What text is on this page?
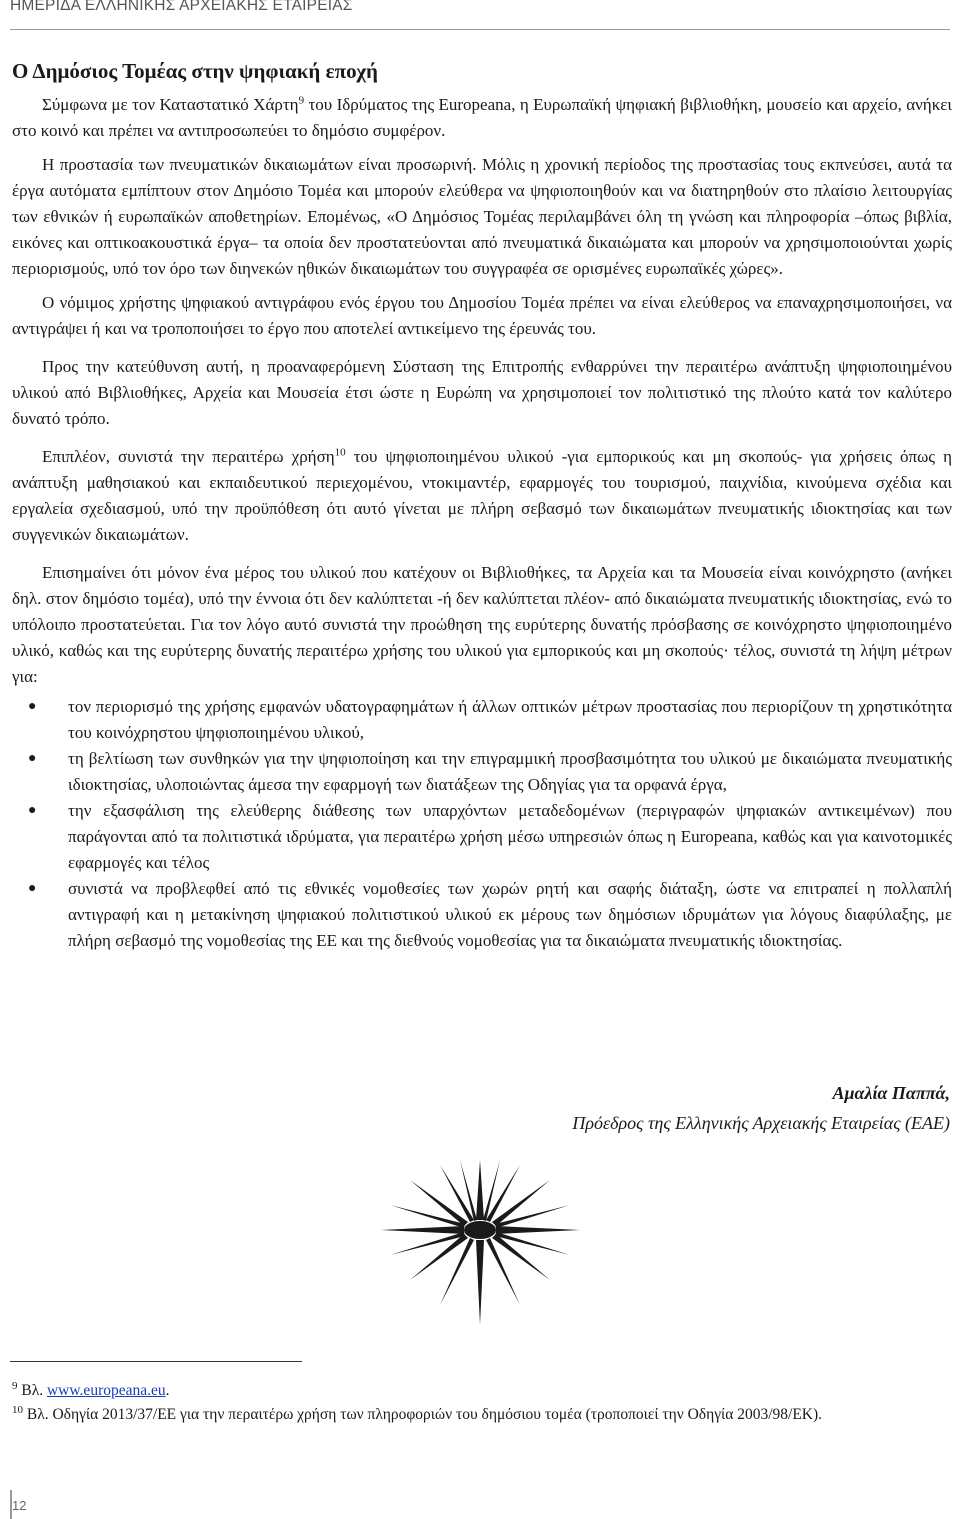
ΗΜΕΡΙΔΑ ΕΛΛΗΝΙΚΗΣ ΑΡΧΕΙΑΚΗΣ ΕΤΑΙΡΕΙΑΣ
Ο Δημόσιος Τομέας στην ψηφιακή εποχή

Σύμφωνα με τον Καταστατικό Χάρτη$^9$ του Ιδρύματος της Europeana, η Ευρωπαϊκή ψηφιακή βιβλιοθήκη, μουσείο και αρχείο, ανήκει στο κοινό και πρέπει να αντιπροσωπεύει το δημόσιο συμφέρον.

Η προστασία των πνευματικών δικαιωμάτων είναι προσωρινή. Μόλις η χρονική περίοδος της προστασίας τους εκπνεύσει, αυτά τα έργα αυτόματα εμπίπτουν στον Δημόσιο Τομέα και μπορούν ελεύθερα να ψηφιοποιηθούν και να διατηρηθούν στο πλαίσιο λειτουργίας των εθνικών ή ευρωπαϊκών αποθετηρίων. Επομένως, «Ο Δημόσιος Τομέας περιλαμβάνει όλη τη γνώση και πληροφορία –όπως βιβλία, εικόνες και οπτικοακουστικά έργα– τα οποία δεν προστατεύονται από πνευματικά δικαιώματα και μπορούν να χρησιμοποιούνται χωρίς περιορισμούς, υπό τον όρο των διηνεκών ηθικών δικαιωμάτων του συγγραφέα σε ορισμένες ευρωπαϊκές χώρες».

Ο νόμιμος χρήστης ψηφιακού αντιγράφου ενός έργου του Δημοσίου Τομέα πρέπει να είναι ελεύθερος να επαναχρησιμοποιήσει, να αντιγράψει ή και να τροποποιήσει το έργο που αποτελεί αντικείμενο της έρευνάς του.

Προς την κατεύθυνση αυτή, η προαναφερόμενη Σύσταση της Επιτροπής ενθαρρύνει την περαιτέρω ανάπτυξη ψηφιοποιημένου υλικού από Βιβλιοθήκες, Αρχεία και Μουσεία έτσι ώστε η Ευρώπη να χρησιμοποιεί τον πολιτιστικό της πλούτο κατά τον καλύτερο δυνατό τρόπο.

Επιπλέον, συνιστά την περαιτέρω χρήση$^{10}$ του ψηφιοποιημένου υλικού -για εμπορικούς και μη σκοπούς- για χρήσεις όπως η ανάπτυξη μαθησιακού και εκπαιδευτικού περιεχομένου, ντοκιμαντέρ, εφαρμογές του τουρισμού, παιχνίδια, κινούμενα σχέδια και εργαλεία σχεδιασμού, υπό την προϋπόθεση ότι αυτό γίνεται με πλήρη σεβασμό των δικαιωμάτων πνευματικής ιδιοκτησίας και των συγγενικών δικαιωμάτων.

Επισημαίνει ότι μόνον ένα μέρος του υλικού που κατέχουν οι Βιβλιοθήκες, τα Αρχεία και τα Μουσεία είναι κοινόχρηστο (ανήκει δηλ. στον δημόσιο τομέα), υπό την έννοια ότι δεν καλύπτεται -ή δεν καλύπτεται πλέον- από δικαιώματα πνευματικής ιδιοκτησίας, ενώ το υπόλοιπο προστατεύεται. Για τον λόγο αυτό συνιστά την προώθηση της ευρύτερης δυνατής πρόσβασης σε κοινόχρηστο ψηφιοποιημένο υλικό, καθώς και της ευρύτερης δυνατής περαιτέρω χρήσης του υλικού για εμπορικούς και μη σκοπούς· τέλος, συνιστά τη λήψη μέτρων για:

● τον περιορισμό της χρήσης εμφανών υδατογραφημάτων ή άλλων οπτικών μέτρων προστασίας που περιορίζουν τη χρηστικότητα του κοινόχρηστου ψηφιοποιημένου υλικού,
● τη βελτίωση των συνθηκών για την ψηφιοποίηση και την επιγραμμική προσβασιμότητα του υλικού με δικαιώματα πνευματικής ιδιοκτησίας, υλοποιώντας άμεσα την εφαρμογή των διατάξεων της Οδηγίας για τα ορφανά έργα,
● την εξασφάλιση της ελεύθερης διάθεσης των υπαρχόντων μεταδεδομένων (περιγραφών ψηφιακών αντικειμένων) που παράγονται από τα πολιτιστικά ιδρύματα, για περαιτέρω χρήση μέσω υπηρεσιών όπως η Europeana, καθώς και για καινοτομικές εφαρμογές και τέλος
● συνιστά να προβλεφθεί από τις εθνικές νομοθεσίες των χωρών ρητή και σαφής διάταξη, ώστε να επιτραπεί η πολλαπλή αντιγραφή και η μετακίνηση ψηφιακού πολιτιστικού υλικού εκ μέρους των δημόσιων ιδρυμάτων για λόγους διαφύλαξης, με πλήρη σεβασμό της νομοθεσίας της ΕΕ και της διεθνούς νομοθεσίας για τα δικαιώματα πνευματικής ιδιοκτησίας.
Αμαλία Παππά,
Πρόεδρος της Ελληνικής Αρχειακής Εταιρείας (ΕΑΕ)
$^9$ Βλ. www.europeana.eu.
$^{10}$ Βλ. Οδηγία 2013/37/ΕΕ για την περαιτέρω χρήση των πληροφοριών του δημόσιου τομέα (τροποποιεί την Οδηγία 2003/98/ΕΚ).
12
